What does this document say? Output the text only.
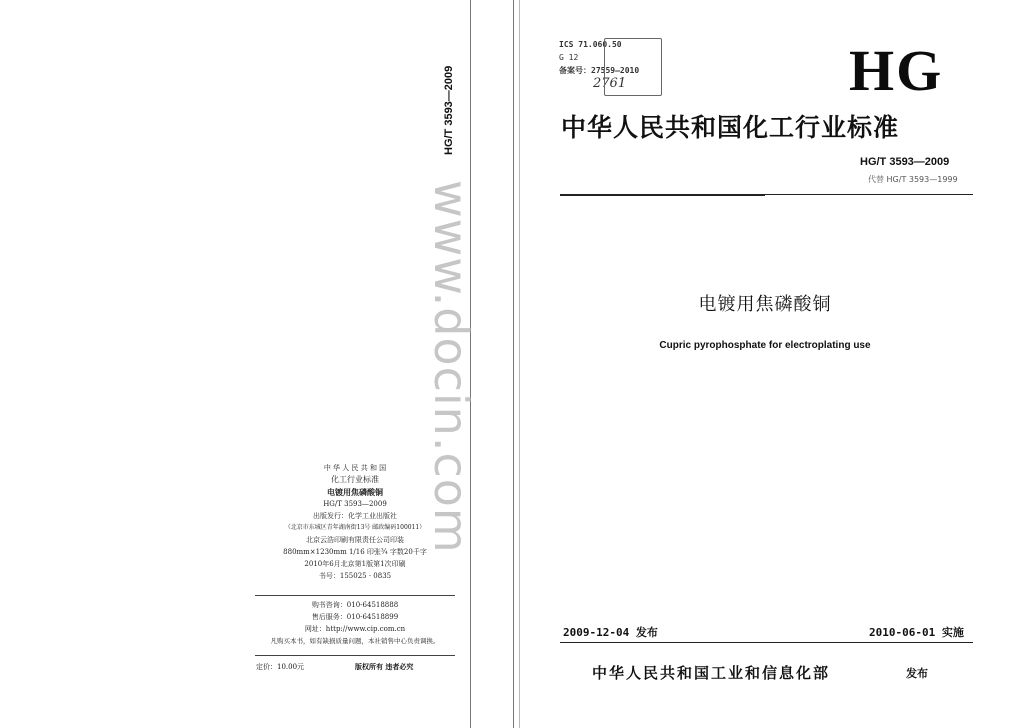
HG/T 3593—2009
www.docin.com
中 华 人 民 共 和 国
化工行业标准
电镀用焦磷酸铜
HG/T 3593—2009
出版发行：化学工业出版社
（北京市东城区青年湖南街13号 邮政编码100011）
北京云浩印刷有限责任公司印装
880mm×1230mm 1/16 印张¾ 字数20千字
2010年6月北京第1版第1次印刷
书号：155025 · 0835
购书咨询：010-64518888
售后服务：010-64518899
网址：http://www.cip.com.cn
凡购买本书，如有缺损质量问题，本社销售中心负责调换。
定价：10.00元	版权所有 违者必究
ICS 71.060.50
G 12
备案号：27559—2010
2761	HG
中华人民共和国化工行业标准
HG/T 3593—2009
代替 HG/T 3593—1999
电镀用焦磷酸铜
Cupric pyrophosphate for electroplating use
2009-12-04 发布	2010-06-01 实施
中华人民共和国工业和信息化部	发布
